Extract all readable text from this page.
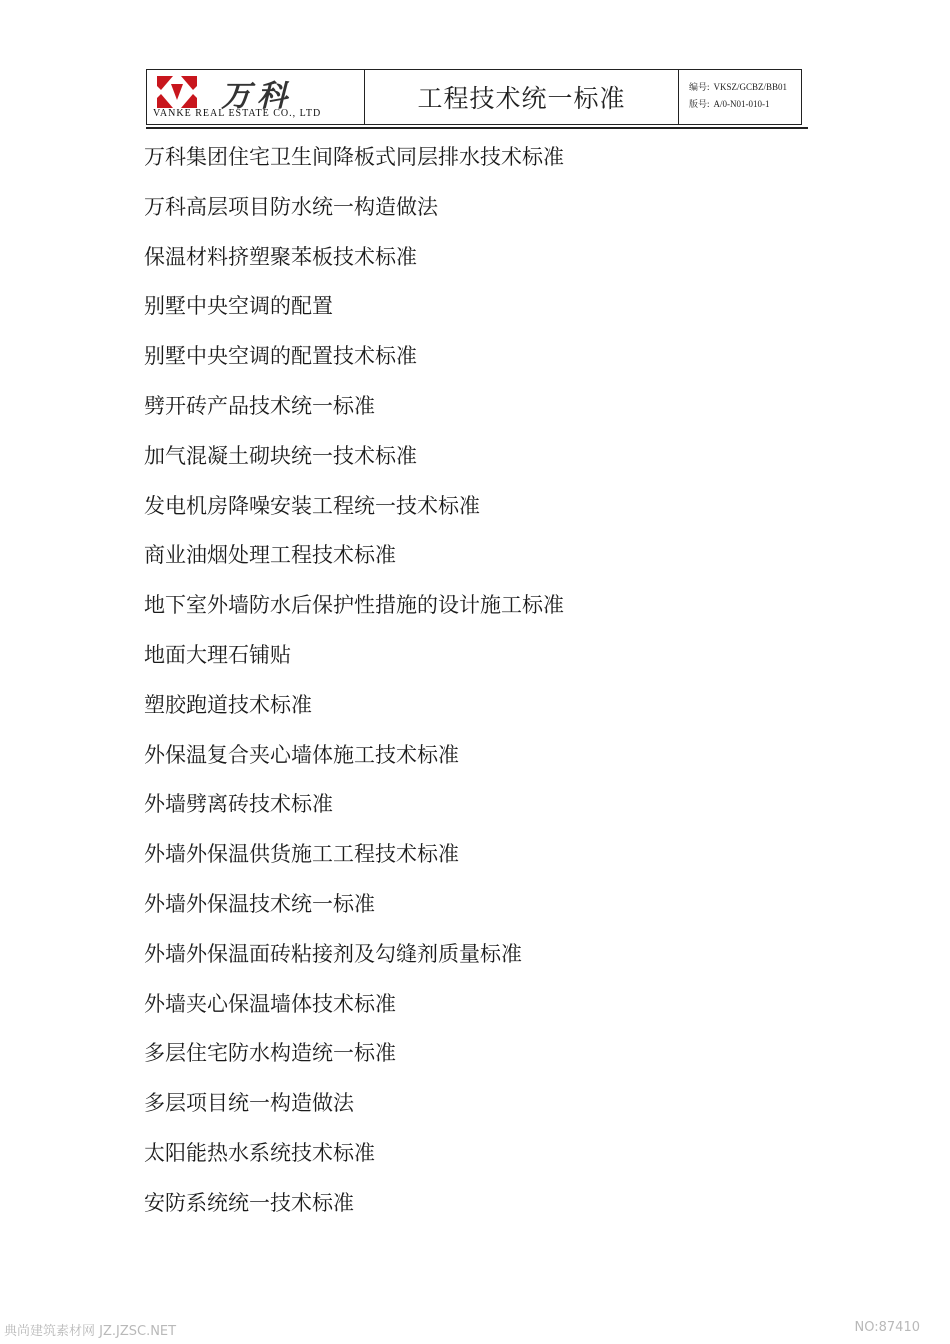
万科
VANKE REAL ESTATE CO., LTD
工程技术统一标准	编号: VKSZ/GCBZ/BB01
版号: A/0-N01-010-1
万科集团住宅卫生间降板式同层排水技术标准
万科高层项目防水统一构造做法
保温材料挤塑聚苯板技术标准
别墅中央空调的配置
别墅中央空调的配置技术标准
劈开砖产品技术统一标准
加气混凝土砌块统一技术标准
发电机房降噪安装工程统一技术标准
商业油烟处理工程技术标准
地下室外墙防水后保护性措施的设计施工标准
地面大理石铺贴
塑胶跑道技术标准
外保温复合夹心墙体施工技术标准
外墙劈离砖技术标准
外墙外保温供货施工工程技术标准
外墙外保温技术统一标准
外墙外保温面砖粘接剂及勾缝剂质量标准
外墙夹心保温墙体技术标准
多层住宅防水构造统一标准
多层项目统一构造做法
太阳能热水系统技术标准
安防系统统一技术标准
典尚建筑素材网 JZ.JZSC.NET	NO:87410
